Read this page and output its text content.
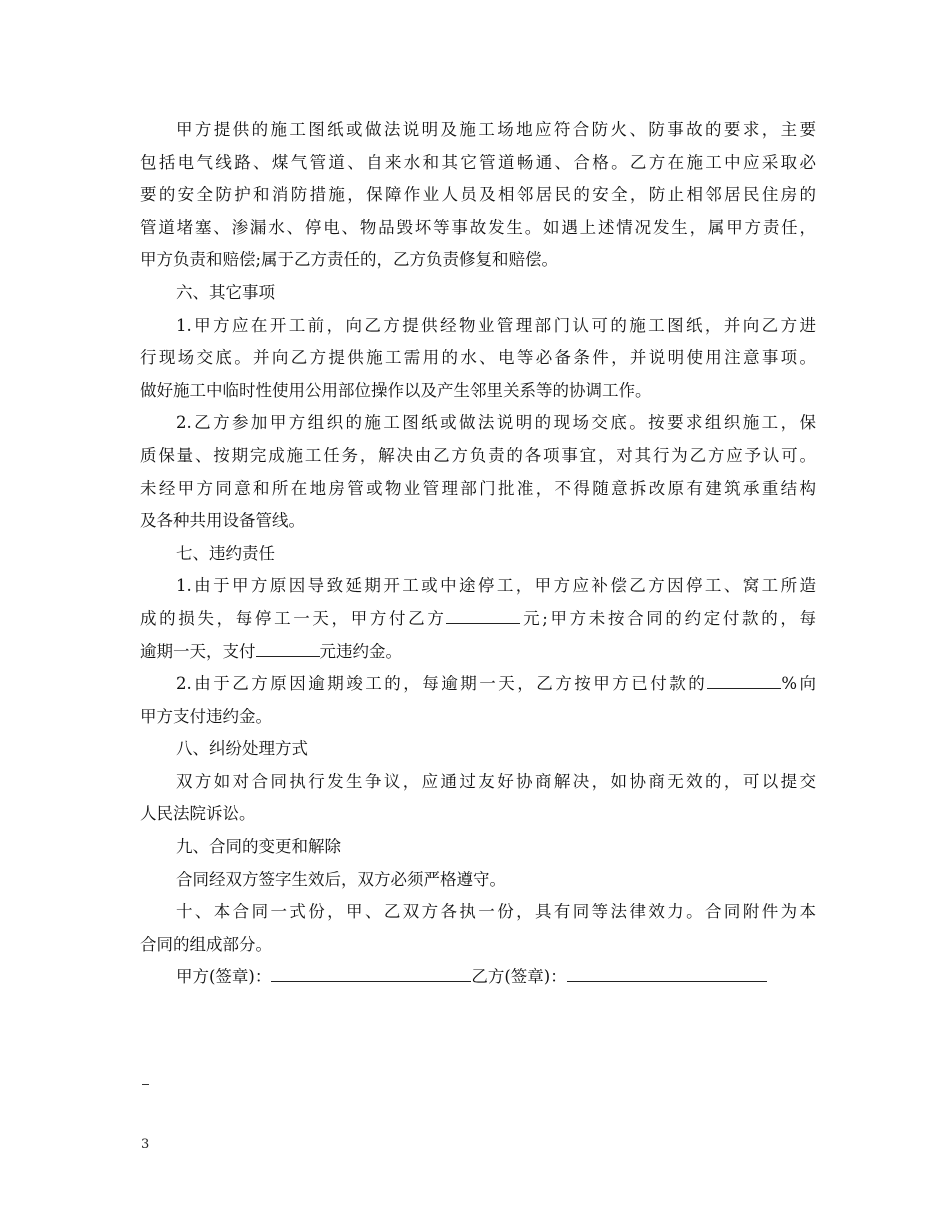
甲方提供的施工图纸或做法说明及施工场地应符合防火、防事故的要求，主要
包括电气线路、煤气管道、自来水和其它管道畅通、合格。乙方在施工中应采取必
要的安全防护和消防措施，保障作业人员及相邻居民的安全，防止相邻居民住房的
管道堵塞、渗漏水、停电、物品毁坏等事故发生。如遇上述情况发生，属甲方责任，
甲方负责和赔偿;属于乙方责任的，乙方负责修复和赔偿。
六、其它事项
1.甲方应在开工前，向乙方提供经物业管理部门认可的施工图纸，并向乙方进
行现场交底。并向乙方提供施工需用的水、电等必备条件，并说明使用注意事项。
做好施工中临时性使用公用部位操作以及产生邻里关系等的协调工作。
2.乙方参加甲方组织的施工图纸或做法说明的现场交底。按要求组织施工，保
质保量、按期完成施工任务，解决由乙方负责的各项事宜，对其行为乙方应予认可。
未经甲方同意和所在地房管或物业管理部门批准，不得随意拆改原有建筑承重结构
及各种共用设备管线。
七、违约责任
1.由于甲方原因导致延期开工或中途停工，甲方应补偿乙方因停工、窝工所造
成的损失，每停工一天，甲方付乙方	元;甲方未按合同的约定付款的，每
逾期一天，支付	元违约金。
2.由于乙方原因逾期竣工的，每逾期一天，乙方按甲方已付款的	%向
甲方支付违约金。
八、纠纷处理方式
双方如对合同执行发生争议，应通过友好协商解决，如协商无效的，可以提交
人民法院诉讼。
九、合同的变更和解除
合同经双方签字生效后，双方必须严格遵守。
十、本合同一式份，甲、乙双方各执一份，具有同等法律效力。合同附件为本
合同的组成部分。
甲方(签章)：	乙方(签章)：
3
